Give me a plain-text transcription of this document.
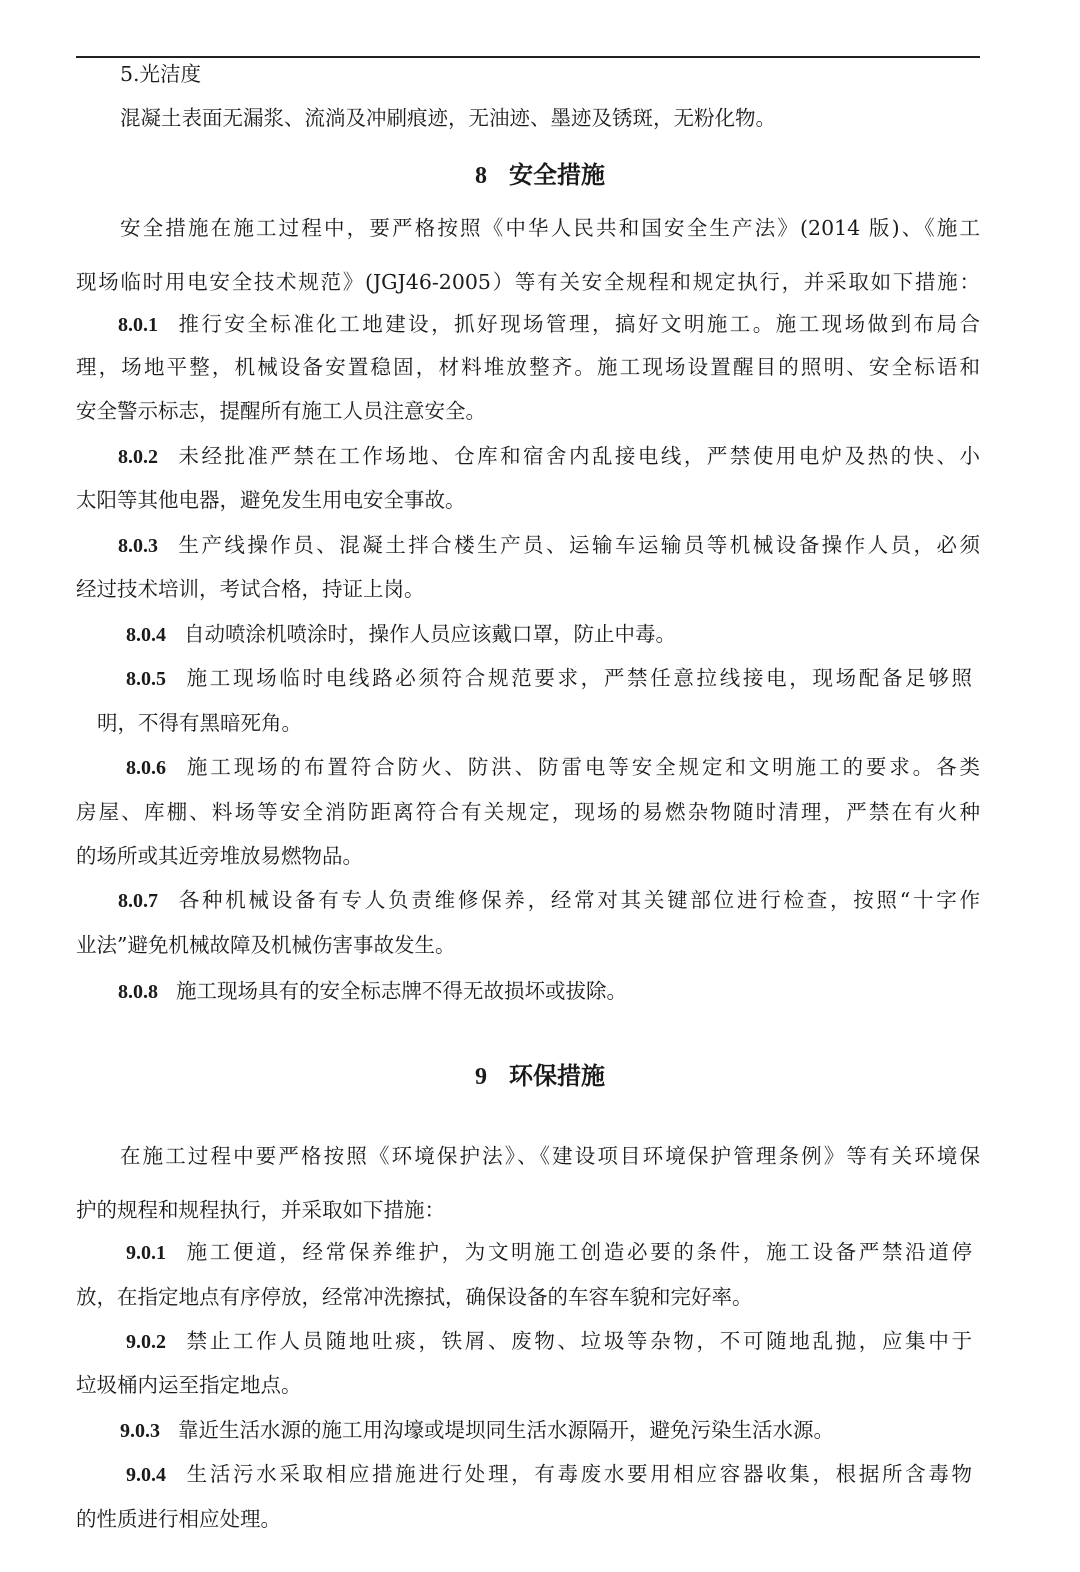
5.光洁度
混凝土表面无漏浆、流淌及冲刷痕迹，无油迹、墨迹及锈斑，无粉化物。
8 安全措施
安全措施在施工过程中，要严格按照《中华人民共和国安全生产法》(2014 版)、《施工
现场临时用电安全技术规范》(JGJ46-2005）等有关安全规程和规定执行，并采取如下措施：
8.0.1 推行安全标准化工地建设，抓好现场管理，搞好文明施工。施工现场做到布局合
理，场地平整，机械设备安置稳固，材料堆放整齐。施工现场设置醒目的照明、安全标语和
安全警示标志，提醒所有施工人员注意安全。
8.0.2 未经批准严禁在工作场地、仓库和宿舍内乱接电线，严禁使用电炉及热的快、小
太阳等其他电器，避免发生用电安全事故。
8.0.3 生产线操作员、混凝土拌合楼生产员、运输车运输员等机械设备操作人员，必须
经过技术培训，考试合格，持证上岗。
8.0.4 自动喷涂机喷涂时，操作人员应该戴口罩，防止中毒。
8.0.5 施工现场临时电线路必须符合规范要求，严禁任意拉线接电，现场配备足够照
明，不得有黑暗死角。
8.0.6 施工现场的布置符合防火、防洪、防雷电等安全规定和文明施工的要求。各类
房屋、库棚、料场等安全消防距离符合有关规定，现场的易燃杂物随时清理，严禁在有火种
的场所或其近旁堆放易燃物品。
8.0.7 各种机械设备有专人负责维修保养，经常对其关键部位进行检查，按照“十字作
业法”避免机械故障及机械伤害事故发生。
8.0.8 施工现场具有的安全标志牌不得无故损坏或拔除。
9 环保措施
在施工过程中要严格按照《环境保护法》、《建设项目环境保护管理条例》等有关环境保
护的规程和规程执行，并采取如下措施：
9.0.1 施工便道，经常保养维护，为文明施工创造必要的条件，施工设备严禁沿道停
放，在指定地点有序停放，经常冲洗擦拭，确保设备的车容车貌和完好率。
9.0.2 禁止工作人员随地吐痰，铁屑、废物、垃圾等杂物，不可随地乱抛，应集中于
垃圾桶内运至指定地点。
9.0.3 靠近生活水源的施工用沟壕或堤坝同生活水源隔开，避免污染生活水源。
9.0.4 生活污水采取相应措施进行处理，有毒废水要用相应容器收集，根据所含毒物
的性质进行相应处理。
